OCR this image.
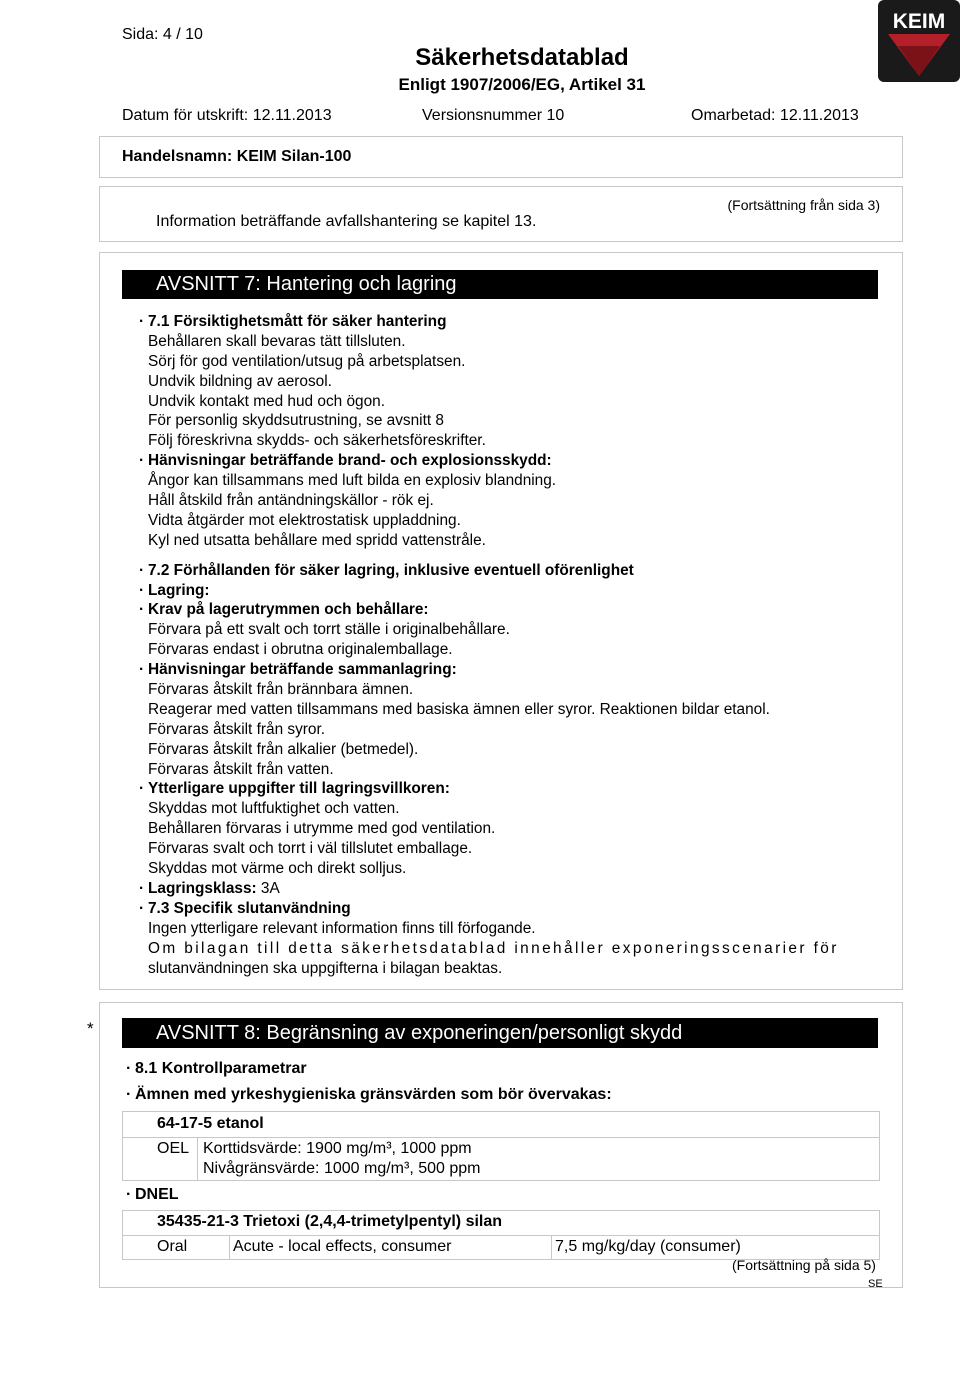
Sida: 4 / 10
Säkerhetsdatablad
Enligt 1907/2006/EG, Artikel 31
Datum för utskrift: 12.11.2013	Versionsnummer 10	Omarbetad: 12.11.2013
KEIM
Handelsnamn: KEIM Silan-100
(Fortsättning från sida 3)
Information beträffande avfallshantering se kapitel 13.
AVSNITT 7: Hantering och lagring
· 7.1 Försiktighetsmått för säker hantering
Behållaren skall bevaras tätt tillsluten.
Sörj för god ventilation/utsug på arbetsplatsen.
Undvik bildning av aerosol.
Undvik kontakt med hud och ögon.
För personlig skyddsutrustning, se avsnitt 8
Följ föreskrivna skydds- och säkerhetsföreskrifter.
· Hänvisningar beträffande brand- och explosionsskydd:
Ångor kan tillsammans med luft bilda en explosiv blandning.
Håll åtskild från antändningskällor - rök ej.
Vidta åtgärder mot elektrostatisk uppladdning.
Kyl ned utsatta behållare med spridd vattenstråle.
· 7.2 Förhållanden för säker lagring, inklusive eventuell oförenlighet
· Lagring:
· Krav på lagerutrymmen och behållare:
Förvara på ett svalt och torrt ställe i originalbehållare.
Förvaras endast i obrutna originalemballage.
· Hänvisningar beträffande sammanlagring:
Förvaras åtskilt från brännbara ämnen.
Reagerar med vatten tillsammans med basiska ämnen eller syror. Reaktionen bildar etanol.
Förvaras åtskilt från syror.
Förvaras åtskilt från alkalier (betmedel).
Förvaras åtskilt från vatten.
· Ytterligare uppgifter till lagringsvillkoren:
Skyddas mot luftfuktighet och vatten.
Behållaren förvaras i utrymme med god ventilation.
Förvaras svalt och torrt i väl tillslutet emballage.
Skyddas mot värme och direkt solljus.
· Lagringsklass: 3A
· 7.3 Specifik slutanvändning
Ingen ytterligare relevant information finns till förfogande.
Om bilagan till detta säkerhetsdatablad innehåller exponeringsscenarier för
slutanvändningen ska uppgifterna i bilagan beaktas.
*	AVSNITT 8: Begränsning av exponeringen/personligt skydd
· 8.1 Kontrollparametrar
· Ämnen med yrkeshygieniska gränsvärden som bör övervakas:
64-17-5 etanol
OEL Korttidsvärde: 1900 mg/m³, 1000 ppm
Nivågränsvärde: 1000 mg/m³, 500 ppm
· DNEL
35435-21-3 Trietoxi (2,4,4-trimetylpentyl) silan
Oral	Acute - local effects, consumer	7,5 mg/kg/day (consumer)
(Fortsättning på sida 5)
SE
